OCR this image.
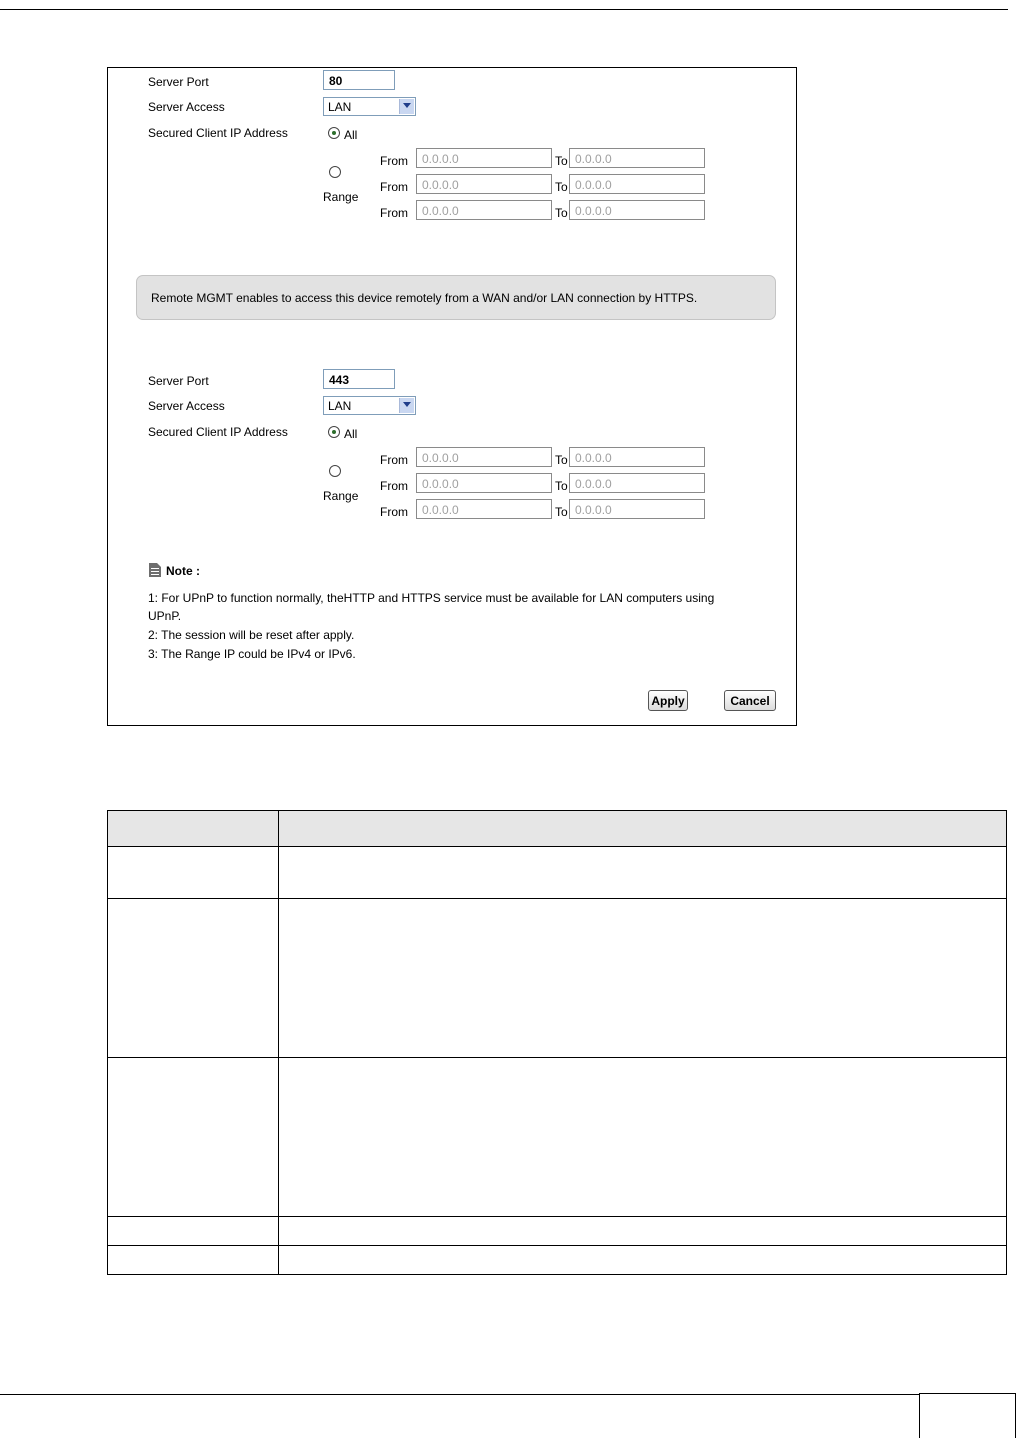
Server Port	80
Server Access	LAN
Secured Client IP Address	All
Range
From	0.0.0.0	To 0.0.0.0
From	0.0.0.0	To 0.0.0.0
From	0.0.0.0	To 0.0.0.0
Remote MGMT enables to access this device remotely from a WAN and/or LAN connection by HTTPS.
Server Port	443
Server Access	LAN
Secured Client IP Address	All
Range
From	0.0.0.0	To 0.0.0.0
From	0.0.0.0	To 0.0.0.0
From	0.0.0.0	To 0.0.0.0
Note :
1: For UPnP to function normally, theHTTP and HTTPS service must be available for LAN computers using
UPnP.
2: The session will be reset after apply.
3: The Range IP could be IPv4 or IPv6.
Apply	Cancel
